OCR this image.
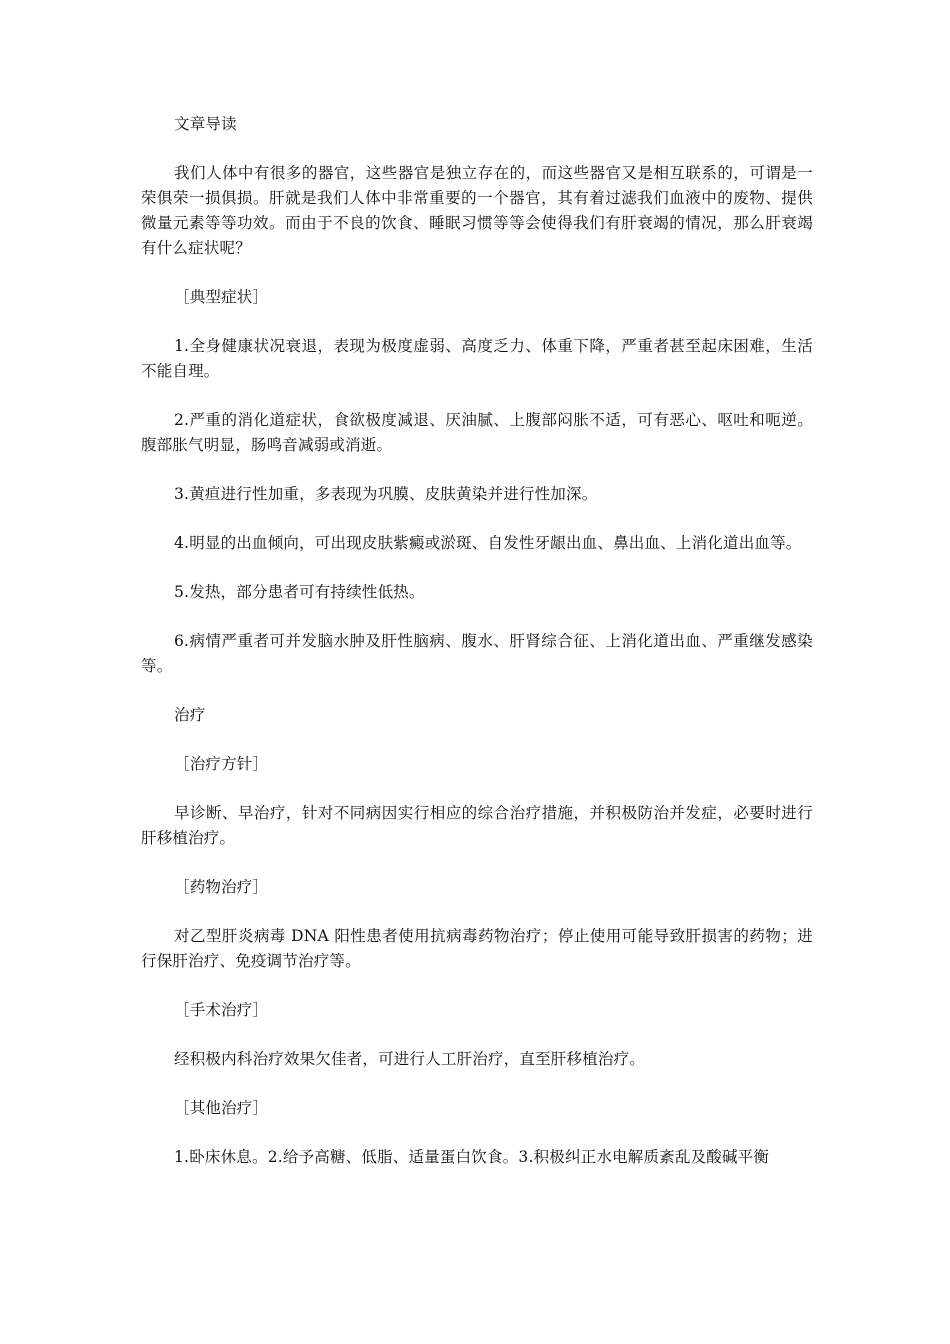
文章导读

我们人体中有很多的器官，这些器官是独立存在的，而这些器官又是相互联系的，可谓是一荣俱荣一损俱损。肝就是我们人体中非常重要的一个器官，其有着过滤我们血液中的废物、提供微量元素等等功效。而由于不良的饮食、睡眠习惯等等会使得我们有肝衰竭的情况，那么肝衰竭有什么症状呢？

［典型症状］

1.全身健康状况衰退，表现为极度虚弱、高度乏力、体重下降，严重者甚至起床困难，生活不能自理。

2.严重的消化道症状，食欲极度减退、厌油腻、上腹部闷胀不适，可有恶心、呕吐和呃逆。腹部胀气明显，肠鸣音减弱或消逝。

3.黄疸进行性加重，多表现为巩膜、皮肤黄染并进行性加深。

4.明显的出血倾向，可出现皮肤紫癜或淤斑、自发性牙龈出血、鼻出血、上消化道出血等。

5.发热，部分患者可有持续性低热。

6.病情严重者可并发脑水肿及肝性脑病、腹水、肝肾综合征、上消化道出血、严重继发感染等。

治疗

［治疗方针］

早诊断、早治疗，针对不同病因实行相应的综合治疗措施，并积极防治并发症，必要时进行肝移植治疗。

［药物治疗］

对乙型肝炎病毒 DNA 阳性患者使用抗病毒药物治疗；停止使用可能导致肝损害的药物；进行保肝治疗、免疫调节治疗等。

［手术治疗］

经积极内科治疗效果欠佳者，可进行人工肝治疗，直至肝移植治疗。

［其他治疗］

1.卧床休息。2.给予高糖、低脂、适量蛋白饮食。3.积极纠正水电解质紊乱及酸碱平衡
